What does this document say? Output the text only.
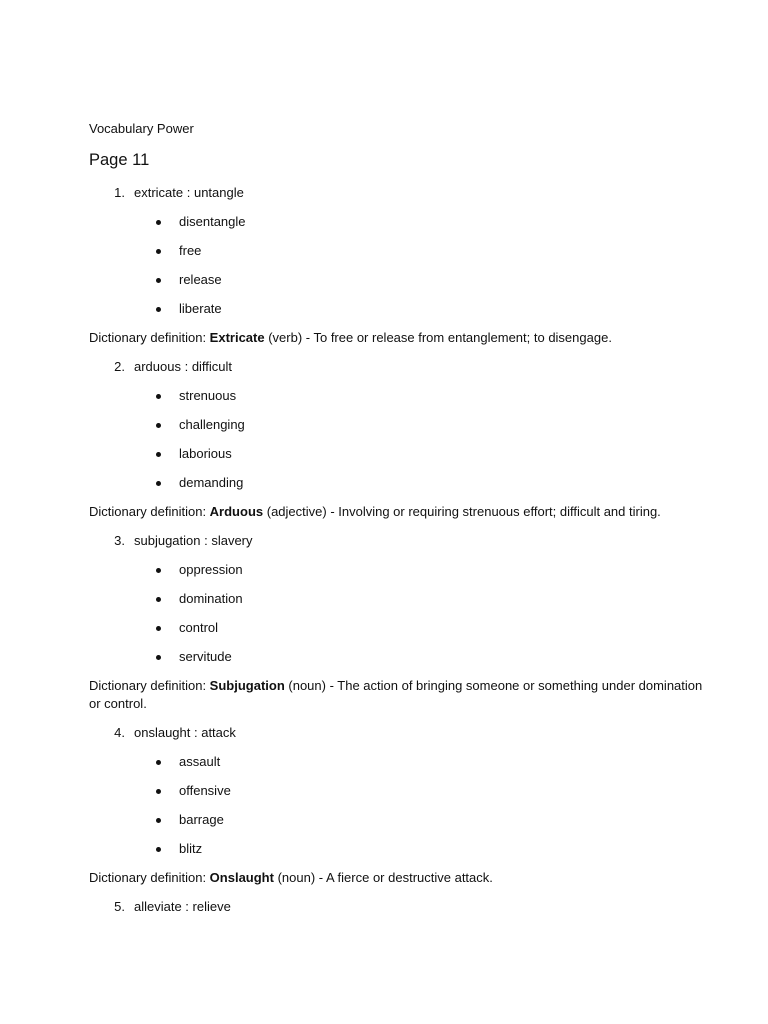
Vocabulary Power
Page 11
1. extricate : untangle
disentangle
free
release
liberate

Dictionary definition: Extricate (verb) - To free or release from entanglement; to disengage.

2. arduous : difficult
strenuous
challenging
laborious
demanding

Dictionary definition: Arduous (adjective) - Involving or requiring strenuous effort; difficult and tiring.

3. subjugation : slavery
oppression
domination
control
servitude

Dictionary definition: Subjugation (noun) - The action of bringing someone or something under domination or control.

4. onslaught : attack
assault
offensive
barrage
blitz

Dictionary definition: Onslaught (noun) - A fierce or destructive attack.

5. alleviate : relieve
